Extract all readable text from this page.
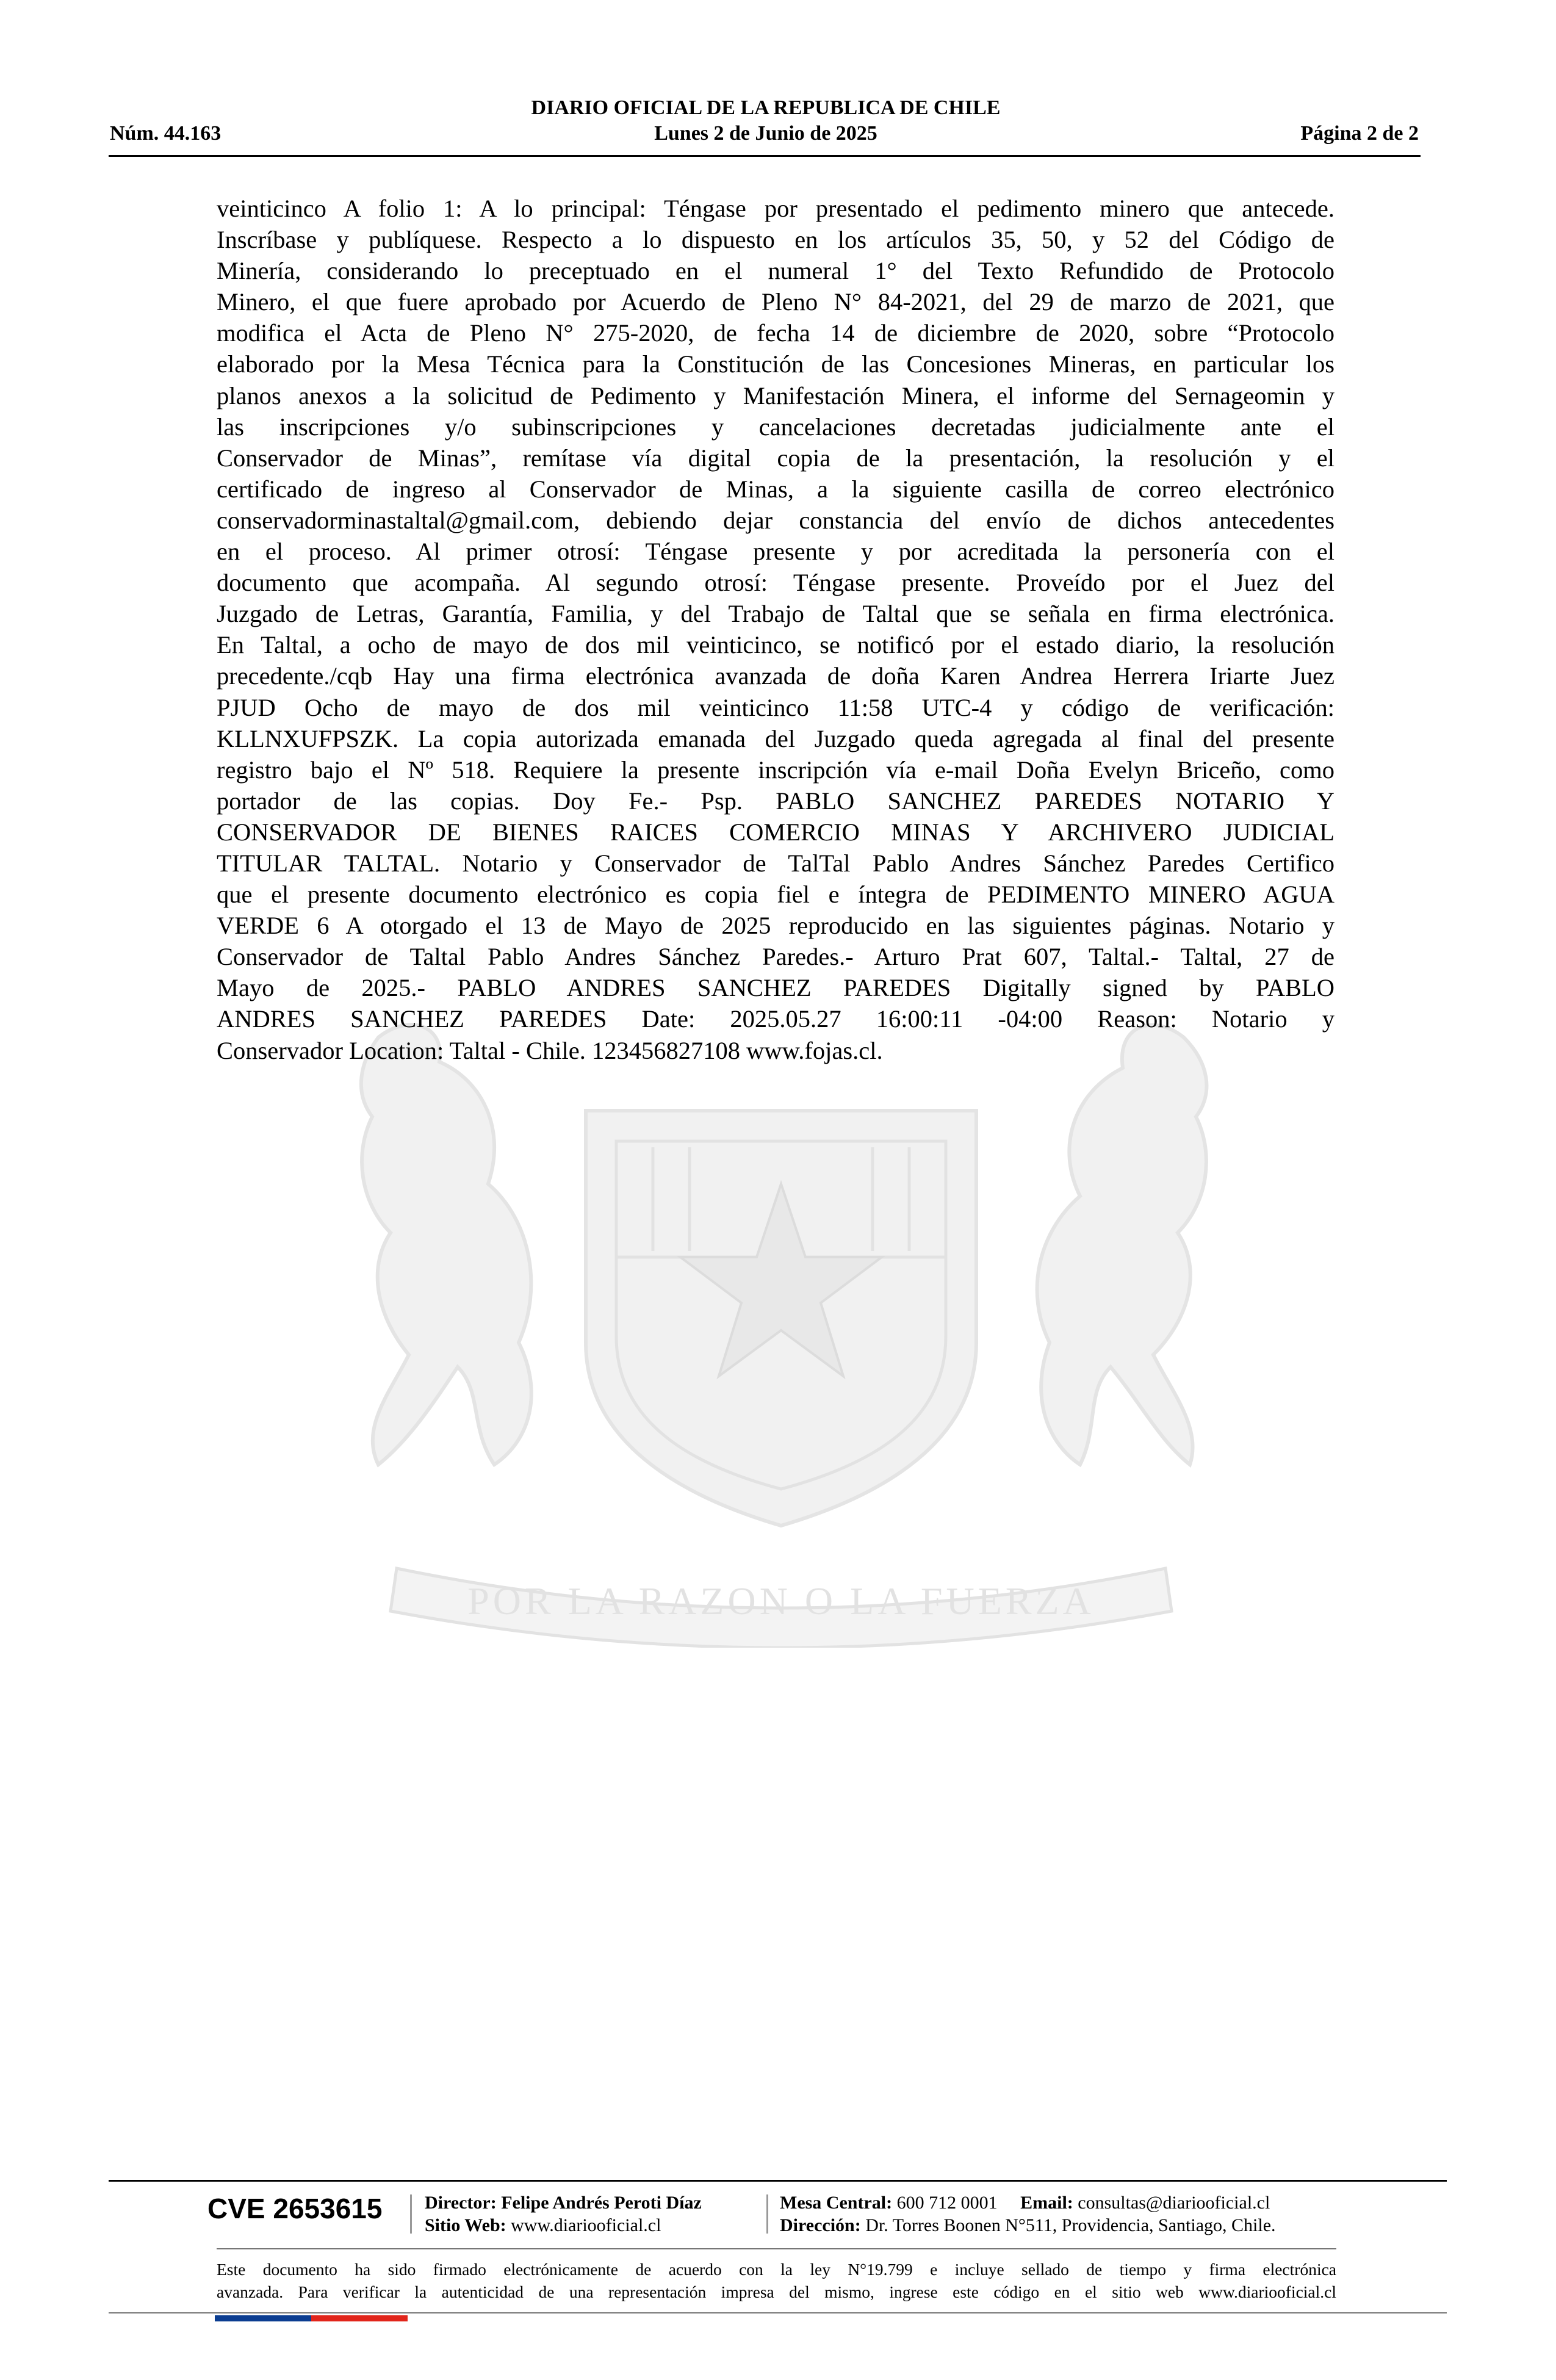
DIARIO OFICIAL DE LA REPUBLICA DE CHILE
Núm. 44.163	Lunes 2 de Junio de 2025	Página 2 de 2
POR LA RAZON O LA FUERZA
veinticinco A folio 1: A lo principal: Téngase por presentado el pedimento minero que antecede.
Inscríbase y publíquese. Respecto a lo dispuesto en los artículos 35, 50, y 52 del Código de
Minería, considerando lo preceptuado en el numeral 1° del Texto Refundido de Protocolo
Minero, el que fuere aprobado por Acuerdo de Pleno N° 84-2021, del 29 de marzo de 2021, que
modifica el Acta de Pleno N° 275-2020, de fecha 14 de diciembre de 2020, sobre “Protocolo
elaborado por la Mesa Técnica para la Constitución de las Concesiones Mineras, en particular los
planos anexos a la solicitud de Pedimento y Manifestación Minera, el informe del Sernageomin y
las inscripciones y/o subinscripciones y cancelaciones decretadas judicialmente ante el
Conservador de Minas”, remítase vía digital copia de la presentación, la resolución y el
certificado de ingreso al Conservador de Minas, a la siguiente casilla de correo electrónico
conservadorminastaltal@gmail.com, debiendo dejar constancia del envío de dichos antecedentes
en el proceso. Al primer otrosí: Téngase presente y por acreditada la personería con el
documento que acompaña. Al segundo otrosí: Téngase presente. Proveído por el Juez del
Juzgado de Letras, Garantía, Familia, y del Trabajo de Taltal que se señala en firma electrónica.
En Taltal, a ocho de mayo de dos mil veinticinco, se notificó por el estado diario, la resolución
precedente./cqb Hay una firma electrónica avanzada de doña Karen Andrea Herrera Iriarte Juez
PJUD Ocho de mayo de dos mil veinticinco 11:58 UTC-4 y código de verificación:
KLLNXUFPSZK. La copia autorizada emanada del Juzgado queda agregada al final del presente
registro bajo el Nº 518. Requiere la presente inscripción vía e-mail Doña Evelyn Briceño, como
portador de las copias. Doy Fe.- Psp. PABLO SANCHEZ PAREDES NOTARIO Y
CONSERVADOR DE BIENES RAICES COMERCIO MINAS Y ARCHIVERO JUDICIAL
TITULAR TALTAL. Notario y Conservador de TalTal Pablo Andres Sánchez Paredes Certifico
que el presente documento electrónico es copia fiel e íntegra de PEDIMENTO MINERO AGUA
VERDE 6 A otorgado el 13 de Mayo de 2025 reproducido en las siguientes páginas. Notario y
Conservador de Taltal Pablo Andres Sánchez Paredes.- Arturo Prat 607, Taltal.- Taltal, 27 de
Mayo de 2025.- PABLO ANDRES SANCHEZ PAREDES Digitally signed by PABLO
ANDRES SANCHEZ PAREDES Date: 2025.05.27 16:00:11 -04:00 Reason: Notario y
Conservador Location: Taltal - Chile. 123456827108 www.fojas.cl.
CVE 2653615 Director: Felipe Andrés Peroti Díaz
Sitio Web: www.diariooficial.cl
Mesa Central: 600 712 0001 Email: consultas@diariooficial.cl
Dirección: Dr. Torres Boonen N°511, Providencia, Santiago, Chile.
Este documento ha sido firmado electrónicamente de acuerdo con la ley N°19.799 e incluye sellado de tiempo y firma electrónica
avanzada. Para verificar la autenticidad de una representación impresa del mismo, ingrese este código en el sitio web www.diariooficial.cl
